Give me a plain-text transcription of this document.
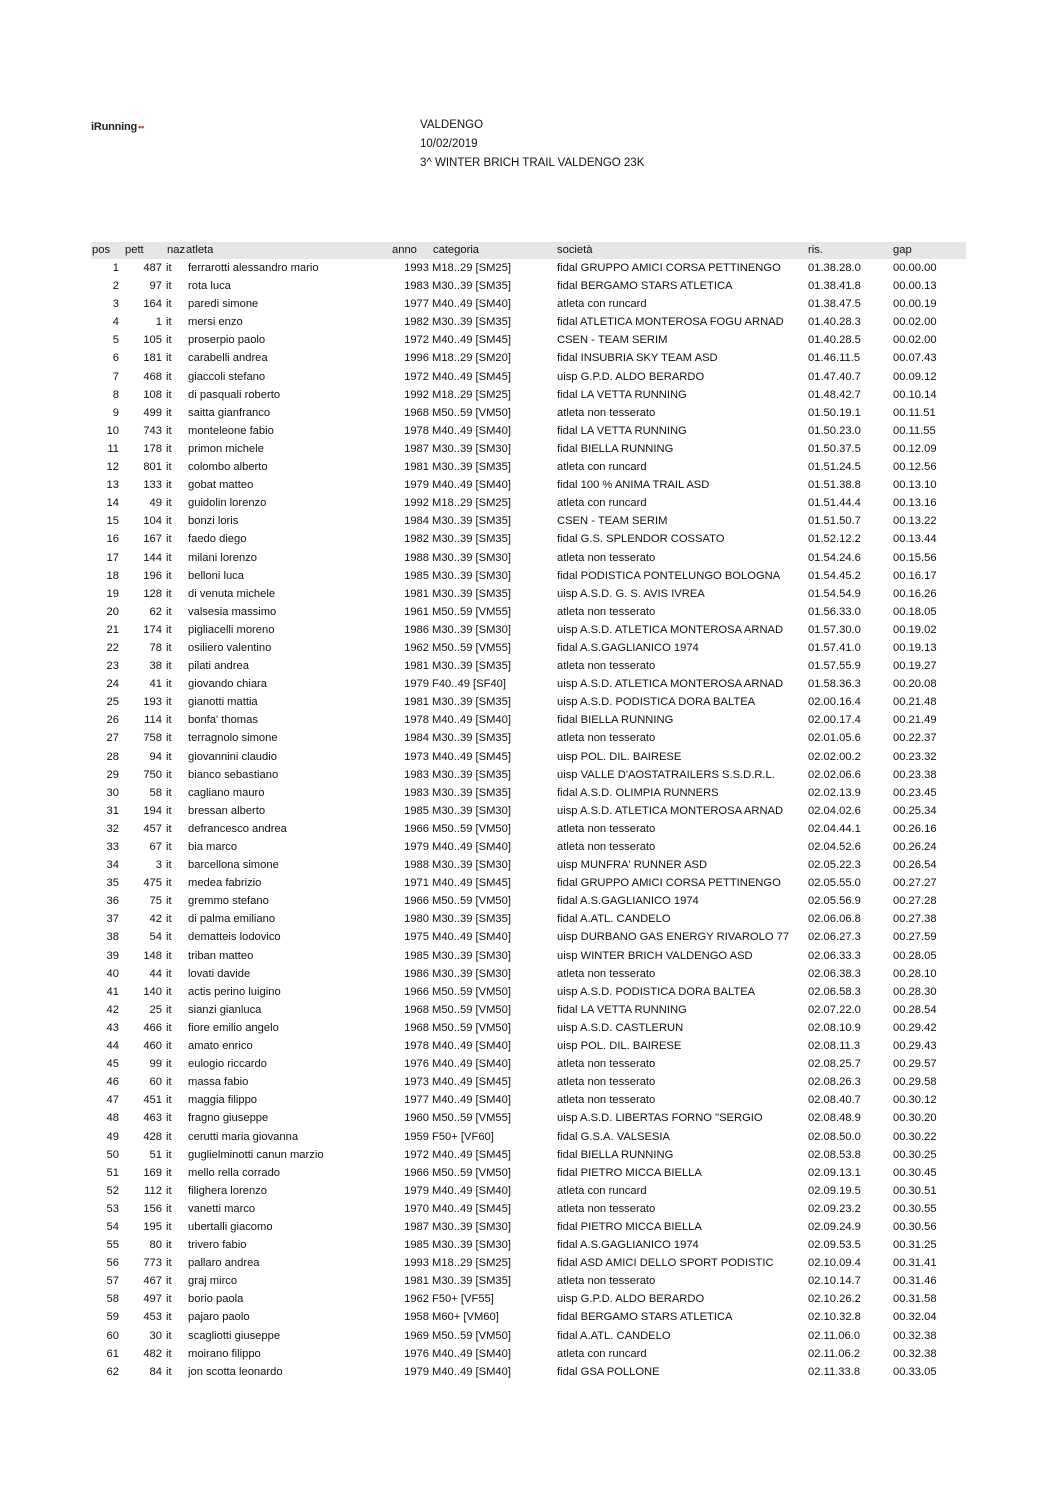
iRunning••	VALDENGO
10/02/2019
3^ WINTER BRICH TRAIL VALDENGO 23K
pos	pett	naz atleta	anno	categoria	società	ris.	gap
1	487 it	ferrarotti alessandro mario	1993 M18..29 [SM25]	fidal GRUPPO AMICI CORSA PETTINENGO	01.38.28.0	00.00.00
2	97 it	rota luca	1983 M30..39 [SM35]	fidal BERGAMO STARS ATLETICA	01.38.41.8	00.00.13
3	164 it	paredi simone	1977 M40..49 [SM40]	atleta con runcard	01.38.47.5	00.00.19
4	1 it	mersi enzo	1982 M30..39 [SM35]	fidal ATLETICA MONTEROSA FOGU ARNAD	01.40.28.3	00.02.00
5	105 it	proserpio paolo	1972 M40..49 [SM45]	CSEN - TEAM SERIM	01.40.28.5	00.02.00
6	181 it	carabelli andrea	1996 M18..29 [SM20]	fidal INSUBRIA SKY TEAM ASD	01.46.11.5	00.07.43
7	468 it	giaccoli stefano	1972 M40..49 [SM45]	uisp G.P.D. ALDO BERARDO	01.47.40.7	00.09.12
8	108 it	di pasquali roberto	1992 M18..29 [SM25]	fidal LA VETTA RUNNING	01.48.42.7	00.10.14
9	499 it	saitta gianfranco	1968 M50..59 [VM50]	atleta non tesserato	01.50.19.1	00.11.51
10	743 it	monteleone fabio	1978 M40..49 [SM40]	fidal LA VETTA RUNNING	01.50.23.0	00.11.55
11	178 it	primon michele	1987 M30..39 [SM30]	fidal BIELLA RUNNING	01.50.37.5	00.12.09
12	801 it	colombo alberto	1981 M30..39 [SM35]	atleta con runcard	01.51.24.5	00.12.56
13	133 it	gobat matteo	1979 M40..49 [SM40]	fidal 100 % ANIMA TRAIL ASD	01.51.38.8	00.13.10
14	49 it	guidolin lorenzo	1992 M18..29 [SM25]	atleta con runcard	01.51.44.4	00.13.16
15	104 it	bonzi loris	1984 M30..39 [SM35]	CSEN - TEAM SERIM	01.51.50.7	00.13.22
16	167 it	faedo diego	1982 M30..39 [SM35]	fidal G.S. SPLENDOR COSSATO	01.52.12.2	00.13.44
17	144 it	milani lorenzo	1988 M30..39 [SM30]	atleta non tesserato	01.54.24.6	00.15.56
18	196 it	belloni luca	1985 M30..39 [SM30]	fidal PODISTICA PONTELUNGO BOLOGNA	01.54.45.2	00.16.17
19	128 it	di venuta michele	1981 M30..39 [SM35]	uisp A.S.D. G. S. AVIS IVREA	01.54.54.9	00.16.26
20	62 it	valsesia massimo	1961 M50..59 [VM55]	atleta non tesserato	01.56.33.0	00.18.05
21	174 it	pigliacelli moreno	1986 M30..39 [SM30]	uisp A.S.D. ATLETICA MONTEROSA ARNAD	01.57.30.0	00.19.02
22	78 it	osiliero valentino	1962 M50..59 [VM55]	fidal A.S.GAGLIANICO 1974	01.57.41.0	00.19.13
23	38 it	pilati andrea	1981 M30..39 [SM35]	atleta non tesserato	01.57.55.9	00.19.27
24	41 it	giovando chiara	1979 F40..49 [SF40]	uisp A.S.D. ATLETICA MONTEROSA ARNAD	01.58.36.3	00.20.08
25	193 it	gianotti mattia	1981 M30..39 [SM35]	uisp A.S.D. PODISTICA DORA BALTEA	02.00.16.4	00.21.48
26	114 it	bonfa' thomas	1978 M40..49 [SM40]	fidal BIELLA RUNNING	02.00.17.4	00.21.49
27	758 it	terragnolo simone	1984 M30..39 [SM35]	atleta non tesserato	02.01.05.6	00.22.37
28	94 it	giovannini claudio	1973 M40..49 [SM45]	uisp POL. DIL. BAIRESE	02.02.00.2	00.23.32
29	750 it	bianco sebastiano	1983 M30..39 [SM35]	uisp VALLE D'AOSTATRAILERS S.S.D.R.L.	02.02.06.6	00.23.38
30	58 it	cagliano mauro	1983 M30..39 [SM35]	fidal A.S.D. OLIMPIA RUNNERS	02.02.13.9	00.23.45
31	194 it	bressan alberto	1985 M30..39 [SM30]	uisp A.S.D. ATLETICA MONTEROSA ARNAD	02.04.02.6	00.25.34
32	457 it	defrancesco andrea	1966 M50..59 [VM50]	atleta non tesserato	02.04.44.1	00.26.16
33	67 it	bia marco	1979 M40..49 [SM40]	atleta non tesserato	02.04.52.6	00.26.24
34	3 it	barcellona simone	1988 M30..39 [SM30]	uisp MUNFRA' RUNNER ASD	02.05.22.3	00.26.54
35	475 it	medea fabrizio	1971 M40..49 [SM45]	fidal GRUPPO AMICI CORSA PETTINENGO	02.05.55.0	00.27.27
36	75 it	gremmo stefano	1966 M50..59 [VM50]	fidal A.S.GAGLIANICO 1974	02.05.56.9	00.27.28
37	42 it	di palma emiliano	1980 M30..39 [SM35]	fidal A.ATL. CANDELO	02.06.06.8	00.27.38
38	54 it	dematteis lodovico	1975 M40..49 [SM40]	uisp DURBANO GAS ENERGY RIVAROLO 77	02.06.27.3	00.27.59
39	148 it	triban matteo	1985 M30..39 [SM30]	uisp WINTER BRICH VALDENGO ASD	02.06.33.3	00.28.05
40	44 it	lovati davide	1986 M30..39 [SM30]	atleta non tesserato	02.06.38.3	00.28.10
41	140 it	actis perino luigino	1966 M50..59 [VM50]	uisp A.S.D. PODISTICA DORA BALTEA	02.06.58.3	00.28.30
42	25 it	sianzi gianluca	1968 M50..59 [VM50]	fidal LA VETTA RUNNING	02.07.22.0	00.28.54
43	466 it	fiore emilio angelo	1968 M50..59 [VM50]	uisp A.S.D. CASTLERUN	02.08.10.9	00.29.42
44	460 it	amato enrico	1978 M40..49 [SM40]	uisp POL. DIL. BAIRESE	02.08.11.3	00.29.43
45	99 it	eulogio riccardo	1976 M40..49 [SM40]	atleta non tesserato	02.08.25.7	00.29.57
46	60 it	massa fabio	1973 M40..49 [SM45]	atleta non tesserato	02.08.26.3	00.29.58
47	451 it	maggia filippo	1977 M40..49 [SM40]	atleta non tesserato	02.08.40.7	00.30.12
48	463 it	fragno giuseppe	1960 M50..59 [VM55]	uisp A.S.D. LIBERTAS FORNO "SERGIO	02.08.48.9	00.30.20
49	428 it	cerutti maria giovanna	1959 F50+ [VF60]	fidal G.S.A. VALSESIA	02.08.50.0	00.30.22
50	51 it	guglielminotti canun marzio	1972 M40..49 [SM45]	fidal BIELLA RUNNING	02.08.53.8	00.30.25
51	169 it	mello rella corrado	1966 M50..59 [VM50]	fidal PIETRO MICCA BIELLA	02.09.13.1	00.30.45
52	112 it	filighera lorenzo	1979 M40..49 [SM40]	atleta con runcard	02.09.19.5	00.30.51
53	156 it	vanetti marco	1970 M40..49 [SM45]	atleta non tesserato	02.09.23.2	00.30.55
54	195 it	ubertalli giacomo	1987 M30..39 [SM30]	fidal PIETRO MICCA BIELLA	02.09.24.9	00.30.56
55	80 it	trivero fabio	1985 M30..39 [SM30]	fidal A.S.GAGLIANICO 1974	02.09.53.5	00.31.25
56	773 it	pallaro andrea	1993 M18..29 [SM25]	fidal ASD AMICI DELLO SPORT PODISTIC	02.10.09.4	00.31.41
57	467 it	graj mirco	1981 M30..39 [SM35]	atleta non tesserato	02.10.14.7	00.31.46
58	497 it	borio paola	1962 F50+ [VF55]	uisp G.P.D. ALDO BERARDO	02.10.26.2	00.31.58
59	453 it	pajaro paolo	1958 M60+ [VM60]	fidal BERGAMO STARS ATLETICA	02.10.32.8	00.32.04
60	30 it	scagliotti giuseppe	1969 M50..59 [VM50]	fidal A.ATL. CANDELO	02.11.06.0	00.32.38
61	482 it	moirano filippo	1976 M40..49 [SM40]	atleta con runcard	02.11.06.2	00.32.38
62	84 it	jon scotta leonardo	1979 M40..49 [SM40]	fidal GSA POLLONE	02.11.33.8	00.33.05
